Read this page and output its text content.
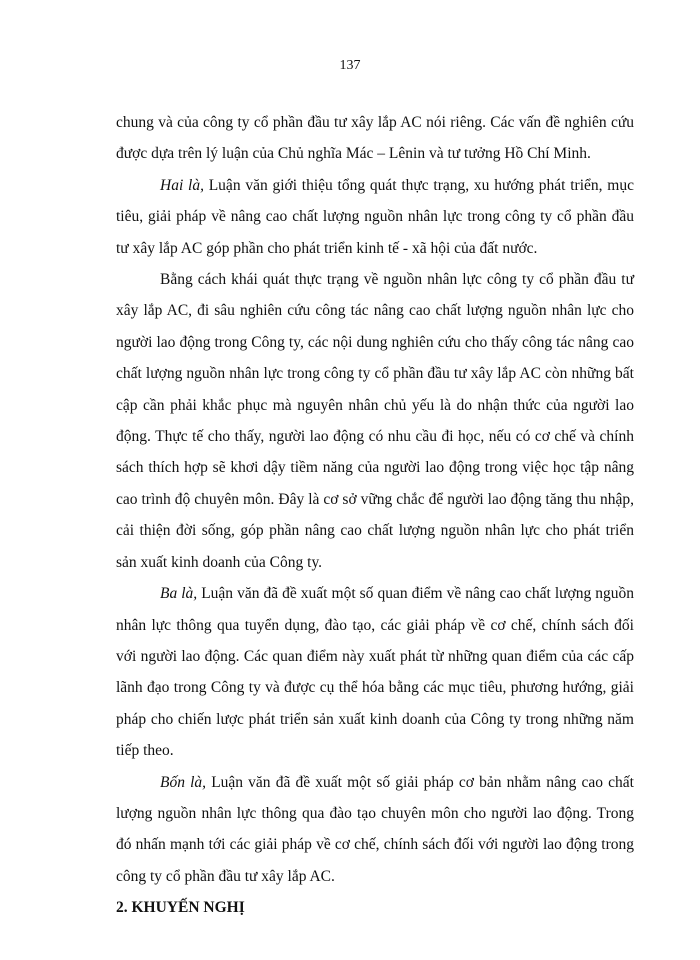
137

chung và của công ty cổ phần đầu tư xây lắp AC nói riêng. Các vấn đề nghiên cứu được dựa trên lý luận của Chủ nghĩa Mác – Lênin và tư tưởng Hồ Chí Minh.

Hai là, Luận văn giới thiệu tổng quát thực trạng, xu hướng phát triển, mục tiêu, giải pháp về nâng cao chất lượng nguồn nhân lực trong công ty cổ phần đầu tư xây lắp AC góp phần cho phát triển kinh tế - xã hội của đất nước.

Bằng cách khái quát thực trạng về nguồn nhân lực công ty cổ phần đầu tư xây lắp AC, đi sâu nghiên cứu công tác nâng cao chất lượng nguồn nhân lực cho người lao động trong Công ty, các nội dung nghiên cứu cho thấy công tác nâng cao chất lượng nguồn nhân lực trong công ty cổ phần đầu tư xây lắp AC còn những bất cập cần phải khắc phục mà nguyên nhân chủ yếu là do nhận thức của người lao động. Thực tế cho thấy, người lao động có nhu cầu đi học, nếu có cơ chế và chính sách thích hợp sẽ khơi dậy tiềm năng của người lao động trong việc học tập nâng cao trình độ chuyên môn. Đây là cơ sở vững chắc để người lao động tăng thu nhập, cải thiện đời sống, góp phần nâng cao chất lượng nguồn nhân lực cho phát triển sản xuất kinh doanh của Công ty.

Ba là, Luận văn đã đề xuất một số quan điểm về nâng cao chất lượng nguồn nhân lực thông qua tuyển dụng, đào tạo, các giải pháp về cơ chế, chính sách đối với người lao động. Các quan điểm này xuất phát từ những quan điểm của các cấp lãnh đạo trong Công ty và được cụ thể hóa bằng các mục tiêu, phương hướng, giải pháp cho chiến lược phát triển sản xuất kinh doanh của Công ty trong những năm tiếp theo.

Bốn là, Luận văn đã đề xuất một số giải pháp cơ bản nhằm nâng cao chất lượng nguồn nhân lực thông qua đào tạo chuyên môn cho người lao động. Trong đó nhấn mạnh tới các giải pháp về cơ chế, chính sách đối với người lao động trong công ty cổ phần đầu tư xây lắp AC.

2. KHUYẾN NGHỊ
